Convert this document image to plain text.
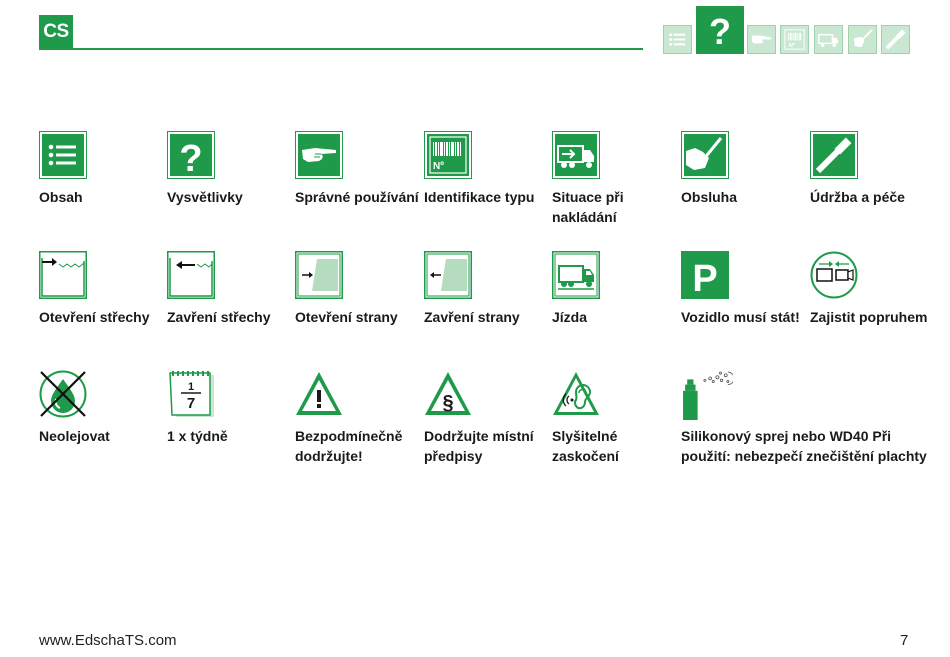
CS	?	Nº
Obsah
?
Vysvětlivky	Správné používání
Nº
Identifikace typu	Situace při nakládání
Obsluha	Údržba a péče
Otevření střechy	Zavření střechy	Otevření strany	Zavření strany	Jízda
P
Vozidlo musí stát! Zajistit popruhem
Neolejovat
1
7
1 x týdně	Bezpodmínečně dodržujte!
§
Dodržujte místní předpisy
Slyšitelné zaskočení
Silikonový sprej nebo WD40 Při použití: nebezpečí znečištění plachty
www.EdschaTS.com	7
